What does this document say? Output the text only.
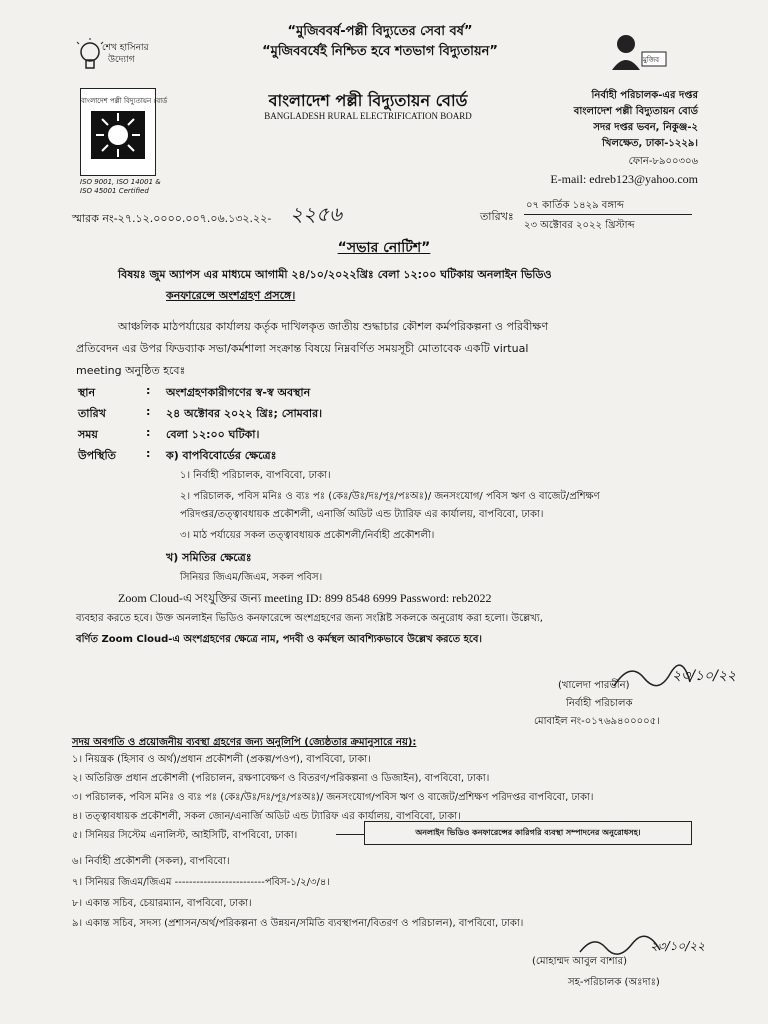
“মুজিববর্ষ-পল্লী বিদ্যুতের সেবা বর্ষ”
“মুজিববর্ষেই নিশ্চিত হবে শতভাগ বিদ্যুতায়ন”
শেখ হাসিনার
উদ্যোগ
বাংলাদেশ পল্লী বিদ্যুতায়ন বোর্ড
ISO 9001, ISO 14001 &
ISO 45001 Certified
বাংলাদেশ পল্লী বিদ্যুতায়ন বোর্ড
BANGLADESH RURAL ELECTRIFICATION BOARD
মুজিব
নির্বাহী পরিচালক-এর দপ্তর
বাংলাদেশ পল্লী বিদ্যুতায়ন বোর্ড
সদর দপ্তর ভবন, নিকুঞ্জ-২
খিলক্ষেত, ঢাকা-১২২৯।
ফোন-৮৯০০৩০৬
E-mail: edreb123@yahoo.com
স্মারক নং-২৭.১২.০০০০.০০৭.০৬.১৩২.২২- ২২৫৬	তারিখঃ
০৭ কার্তিক ১৪২৯ বঙ্গাব্দ
২৩ অক্টোবর ২০২২ খ্রিস্টাব্দ
“সভার নোটিশ”
বিষয়ঃ জুম অ্যাপস এর মাধ্যমে আগামী ২৪/১০/২০২২খ্রিঃ বেলা ১২:০০ ঘটিকায় অনলাইন ভিডিও
কনফারেন্সে অংশগ্রহণ প্রসঙ্গে।
আঞ্চলিক মাঠপর্যায়ের কার্যালয় কর্তৃক দাখিলকৃত জাতীয় শুদ্ধাচার কৌশল কর্মপরিকল্পনা ও পরিবীক্ষণ
প্রতিবেদন এর উপর ফিডব্যাক সভা/কর্মশালা সংক্রান্ত বিষয়ে নিম্নবর্ণিত সময়সূচী মোতাবেক একটি virtual
meeting অনুষ্ঠিত হবেঃ
স্থান	: অংশগ্রহণকারীগণের স্ব-স্ব অবস্থান
তারিখ	: ২৪ অক্টোবর ২০২২ খ্রিঃ; সোমবার।
সময়	: বেলা ১২:০০ ঘটিকা।
উপস্থিতি	: ক) বাপবিবোর্ডের ক্ষেত্রেঃ
১। নির্বাহী পরিচালক, বাপবিবো, ঢাকা।
২। পরিচালক, পবিস মনিঃ ও ব্যঃ পঃ (কেঃ/উঃ/দঃ/পূঃ/পঃঅঃ)/ জনসংযোগ/ পবিস ঋণ ও বাজেট/প্রশিক্ষণ
পরিদপ্তর/তত্ত্বাবধায়ক প্রকৌশলী, এনার্জি অডিট এন্ড ট্যারিফ এর কার্যালয়, বাপবিবো, ঢাকা।
৩। মাঠ পর্যায়ের সকল তত্ত্বাবধায়ক প্রকৌশলী/নির্বাহী প্রকৌশলী।
খ) সমিতির ক্ষেত্রেঃ
সিনিয়র জিএম/জিএম, সকল পবিস।
Zoom Cloud-এ সংযুক্তির জন্য meeting ID: 899 8548 6999 Password: reb2022
ব্যবহার করতে হবে। উক্ত অনলাইন ভিডিও কনফারেন্সে অংশগ্রহণের জন্য সংশ্লিষ্ট সকলকে অনুরোধ করা হলো। উল্লেখ্য,
বর্ণিত Zoom Cloud-এ অংশগ্রহণের ক্ষেত্রে নাম, পদবী ও কর্মস্থল আবশ্যিকভাবে উল্লেখ করতে হবে।
২৩/১০/২২
(খালেদা পারভীন)
নির্বাহী পরিচালক
মোবাইল নং-০১৭৬৯৪০০০০৫।
সদয় অবগতি ও প্রয়োজনীয় ব্যবস্থা গ্রহণের জন্য অনুলিপি (জ্যেষ্ঠতার ক্রমানুসারে নয়):
১। নিয়ন্ত্রক (হিসাব ও অর্থ)/প্রধান প্রকৌশলী (প্রকল্প/পওপ), বাপবিবো, ঢাকা।
২। অতিরিক্ত প্রধান প্রকৌশলী (পরিচালন, রক্ষণাবেক্ষণ ও বিতরণ/পরিকল্পনা ও ডিজাইন), বাপবিবো, ঢাকা।
৩। পরিচালক, পবিস মনিঃ ও ব্যঃ পঃ (কেঃ/উঃ/দঃ/পূঃ/পঃঅঃ)/ জনসংযোগ/পবিস ঋণ ও বাজেট/প্রশিক্ষণ পরিদপ্তর বাপবিবো, ঢাকা।
৪। তত্ত্বাবধায়ক প্রকৌশলী, সকল জোন/এনার্জি অডিট এন্ড ট্যারিফ এর কার্যালয়, বাপবিবো, ঢাকা।
৫। সিনিয়র সিস্টেম এনালিস্ট, আইসিটি, বাপবিবো, ঢাকা।	অনলাইন ভিডিও কনফারেন্সের কারিগরি ব্যবস্থা সম্পাদনের অনুরোধসহ।
৬। নির্বাহী প্রকৌশলী (সকল), বাপবিবো।
৭। সিনিয়র জিএম/জিএম -------------------------পবিস-১/২/৩/৪।
৮। একান্ত সচিব, চেয়ারম্যান, বাপবিবো, ঢাকা।
৯। একান্ত সচিব, সদস্য (প্রশাসন/অর্থ/পরিকল্পনা ও উন্নয়ন/সমিতি ব্যবস্থাপনা/বিতরণ ও পরিচালন), বাপবিবো, ঢাকা।
২৩/১০/২২
(মোহাম্মদ আবুল বাশার)
সহ-পরিচালক (অঃদাঃ)
